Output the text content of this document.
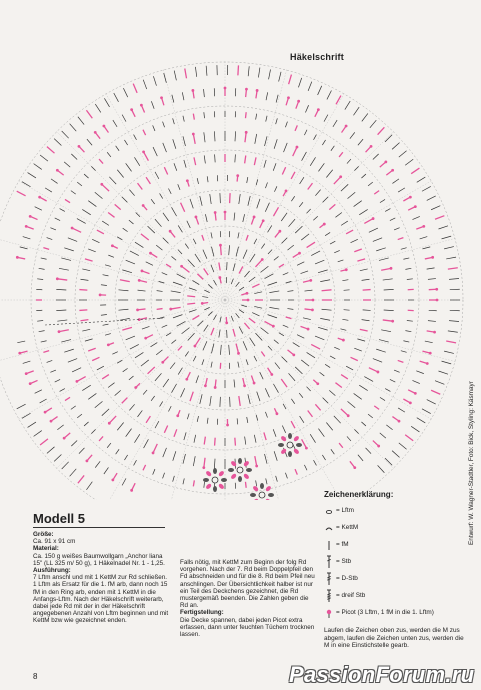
Häkelschrift
Modell 5
Größe:
Ca. 91 x 91 cm
Material:
Ca. 150 g weißes Baumwollgarn „Anchor liana 15" (LL 325 m/ 50 g), 1 Häkelnadel Nr. 1 - 1,25.
Ausführung:
7 Lftm anschl und mit 1 KettM zur Rd schließen. 1 Lftm als Ersatz für die 1. fM arb, dann noch 15 fM in den Ring arb, enden mit 1 KettM in die Anfangs-Lftm. Nach der Häkelschrift weiterarb, dabei jede Rd mit der in der Häkelschrift angegebenen Anzahl von Lftm beginnen und mit KettM bzw wie gezeichnet enden.
Falls nötig, mit KettM zum Beginn der folg Rd vorgehen. Nach der 7. Rd beim Doppelpfeil den Fd abschneiden und für die 8. Rd beim Pfeil neu anschlingen. Der Übersichtlichkeit halber ist nur ein Teil des Deckchens gezeichnet, die Rd mustergemäß beenden. Die Zahlen geben die Rd an.
Fertigstellung:
Die Decke spannen, dabei jeden Picot extra erfassen, dann unter feuchten Tüchern trocknen lassen.
Zeichenerklärung:
= Lftm
= KettM
= fM
= Stb
= D-Stb
= dreif Stb
= Picot (3 Lftm, 1 fM in die 1. Lftm)
Laufen die Zeichen oben zus, werden die M zus abgem, laufen die Zeichen unten zus, werden die M in eine Einstichstelle gearb.
Entwurf: W. Wagner-Stadtler, Foto: Bick, Styling: Käsmayr
8	PassionForum.ru
